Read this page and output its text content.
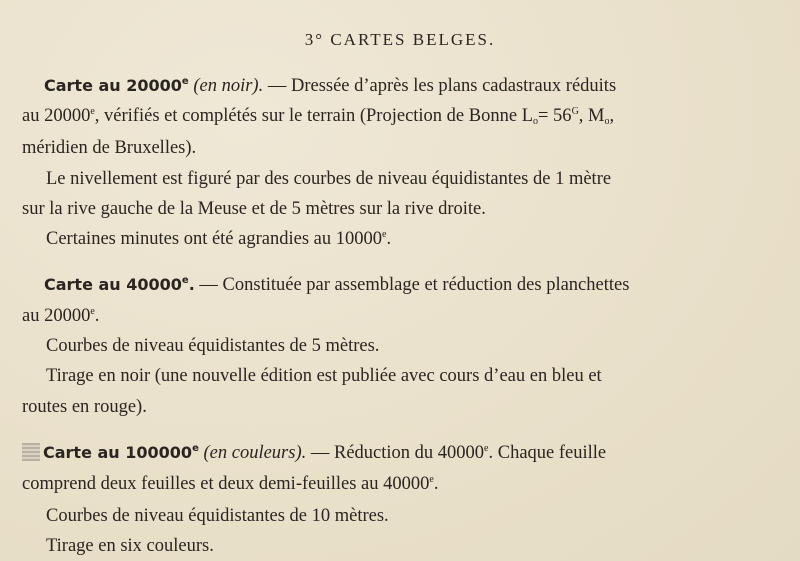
3° CARTES BELGES.
Carte au 20000e (en noir). — Dressée d’après les plans cadastraux réduits
au 20000e, vérifiés et complétés sur le terrain (Projection de Bonne $L_o= 56^G$, $M_o$,
méridien de Bruxelles).
Le nivellement est figuré par des courbes de niveau équidistantes de 1 mètre
sur la rive gauche de la Meuse et de 5 mètres sur la rive droite.
Certaines minutes ont été agrandies au 10000e.
Carte au 40000e. — Constituée par assemblage et réduction des planchettes
au 20000e.
Courbes de niveau équidistantes de 5 mètres.
Tirage en noir (une nouvelle édition est publiée avec cours d’eau en bleu et
routes en rouge).
Carte au 100000e (en couleurs). — Réduction du 40000e. Chaque feuille
comprend deux feuilles et deux demi-feuilles au 40000e.
Courbes de niveau équidistantes de 10 mètres.
Tirage en six couleurs.
